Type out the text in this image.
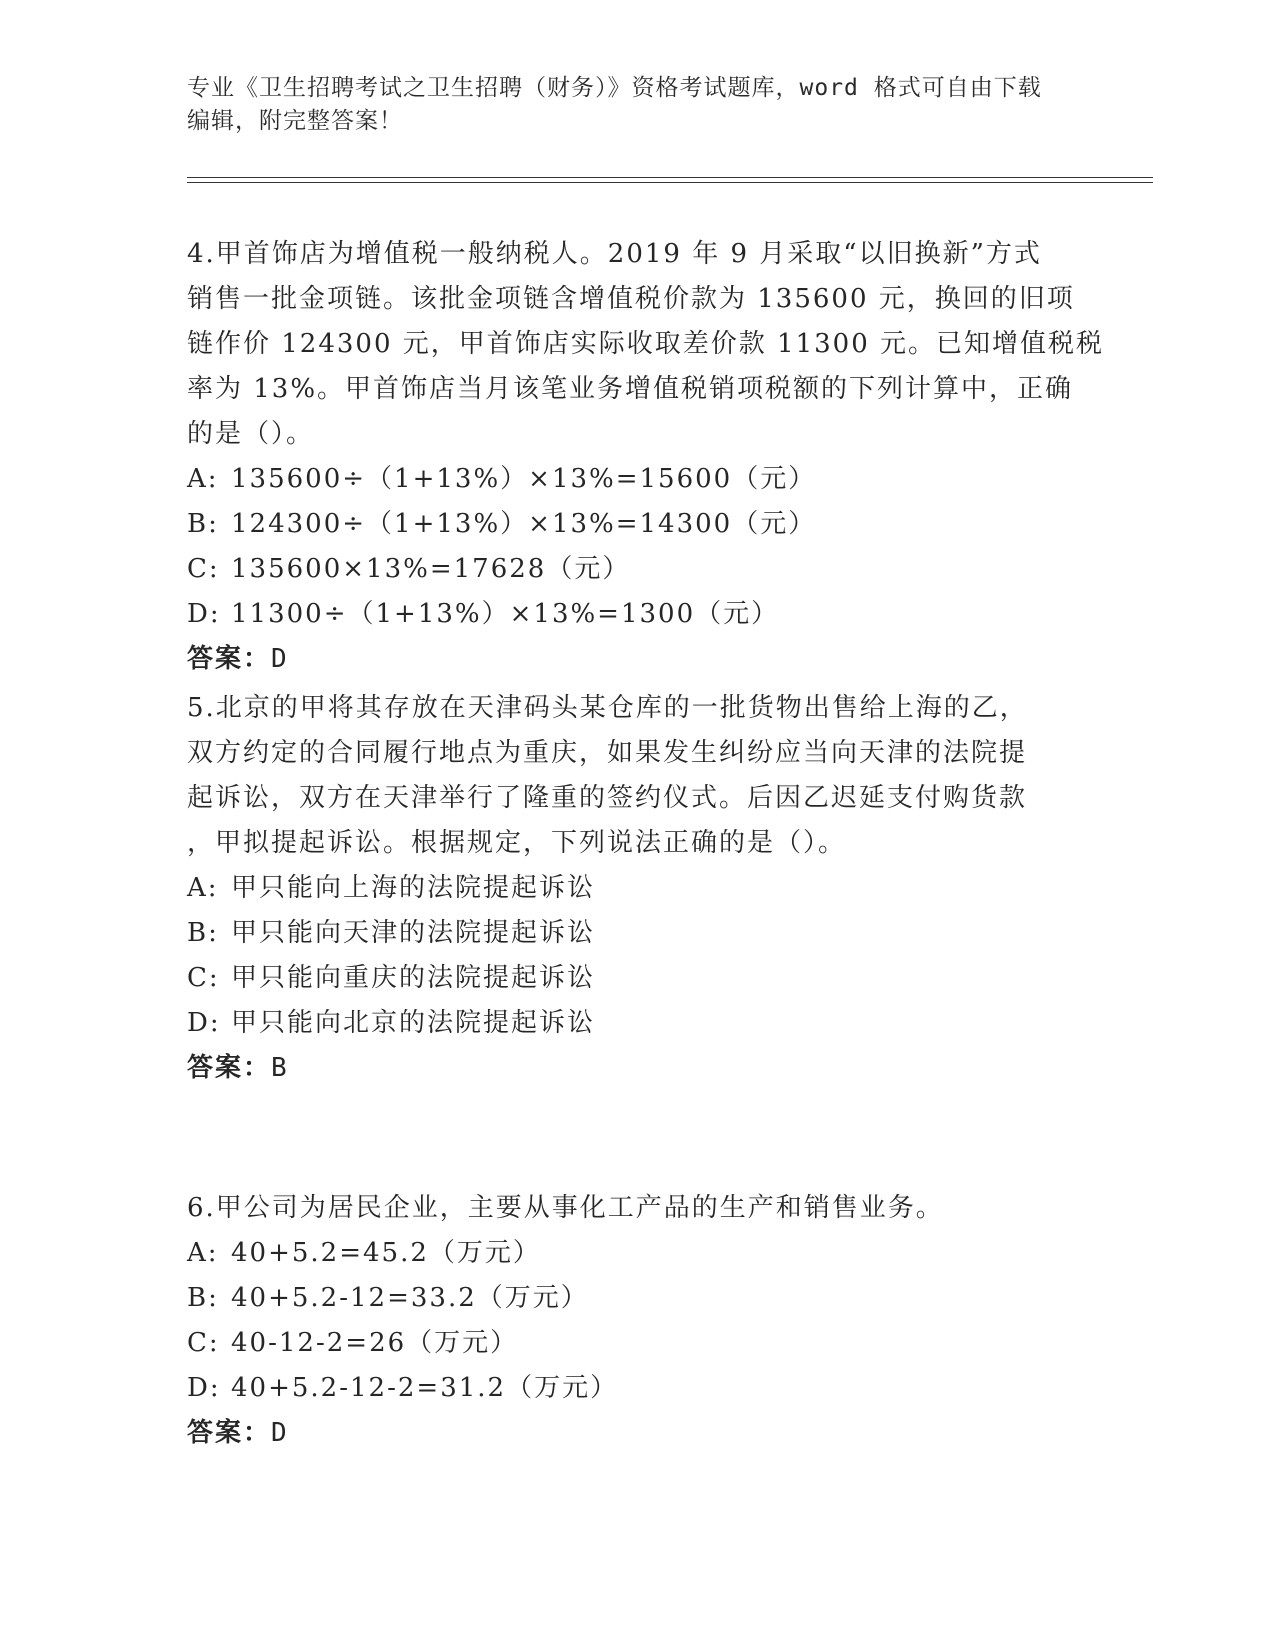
专业《卫生招聘考试之卫生招聘（财务）》资格考试题库，word 格式可自由下载
编辑，附完整答案！
4.甲首饰店为增值税一般纳税人。2019 年 9 月采取“以旧换新”方式
销售一批金项链。该批金项链含增值税价款为 135600 元，换回的旧项
链作价 124300 元，甲首饰店实际收取差价款 11300 元。已知增值税税
率为 13%。甲首饰店当月该笔业务增值税销项税额的下列计算中，正确
的是（）。
A: 135600÷（1+13%）×13%=15600（元）
B: 124300÷（1+13%）×13%=14300（元）
C: 135600×13%=17628（元）
D: 11300÷（1+13%）×13%=1300（元）
答案：D
5.北京的甲将其存放在天津码头某仓库的一批货物出售给上海的乙，
双方约定的合同履行地点为重庆，如果发生纠纷应当向天津的法院提
起诉讼，双方在天津举行了隆重的签约仪式。后因乙迟延支付购货款
，甲拟提起诉讼。根据规定，下列说法正确的是（）。
A: 甲只能向上海的法院提起诉讼
B: 甲只能向天津的法院提起诉讼
C: 甲只能向重庆的法院提起诉讼
D: 甲只能向北京的法院提起诉讼
答案：B
6.甲公司为居民企业，主要从事化工产品的生产和销售业务。
A: 40+5.2=45.2（万元）
B: 40+5.2-12=33.2（万元）
C: 40-12-2=26（万元）
D: 40+5.2-12-2=31.2（万元）
答案：D
